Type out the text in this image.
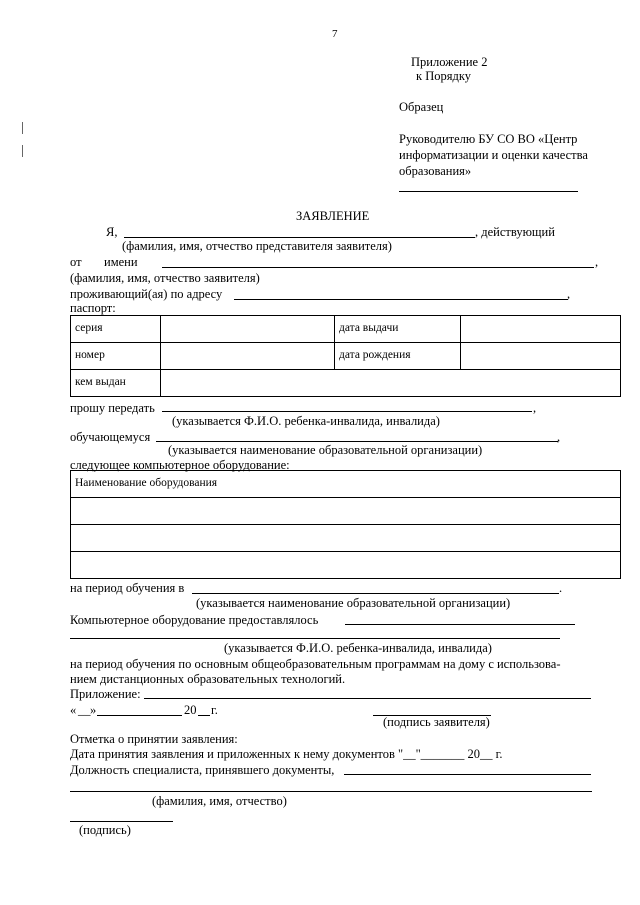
7
Приложение 2
к Порядку
Образец
Руководителю БУ СО ВО «Центр
информатизации и оценки качества
образования»
ЗАЯВЛЕНИЕ
Я,	, действующий
(фамилия, имя, отчество представителя заявителя)
от имени	,
(фамилия, имя, отчество заявителя)
проживающий(ая) по адресу	,
паспорт:
серия		дата выдачи	
номер		дата рождения	
кем выдан			
прошу передать	,
(указывается Ф.И.О. ребенка-инвалида, инвалида)
обучающемуся	,
(указывается наименование образовательной организации)
следующее компьютерное оборудование:
Наименование оборудования

на период обучения в	.
(указывается наименование образовательной организации)
Компьютерное оборудование предоставлялось
(указывается Ф.И.О. ребенка-инвалида, инвалида)
на период обучения по основным общеобразовательным программам на дому с использова-
нием дистанционных образовательных технологий.
Приложение:
« __ »	20 г.
(подпись заявителя)
Отметка о принятии заявления:
Дата принятия заявления и приложенных к нему документов "__"_______ 20__ г.
Должность специалиста, принявшего документы,
(фамилия, имя, отчество)
(подпись)
